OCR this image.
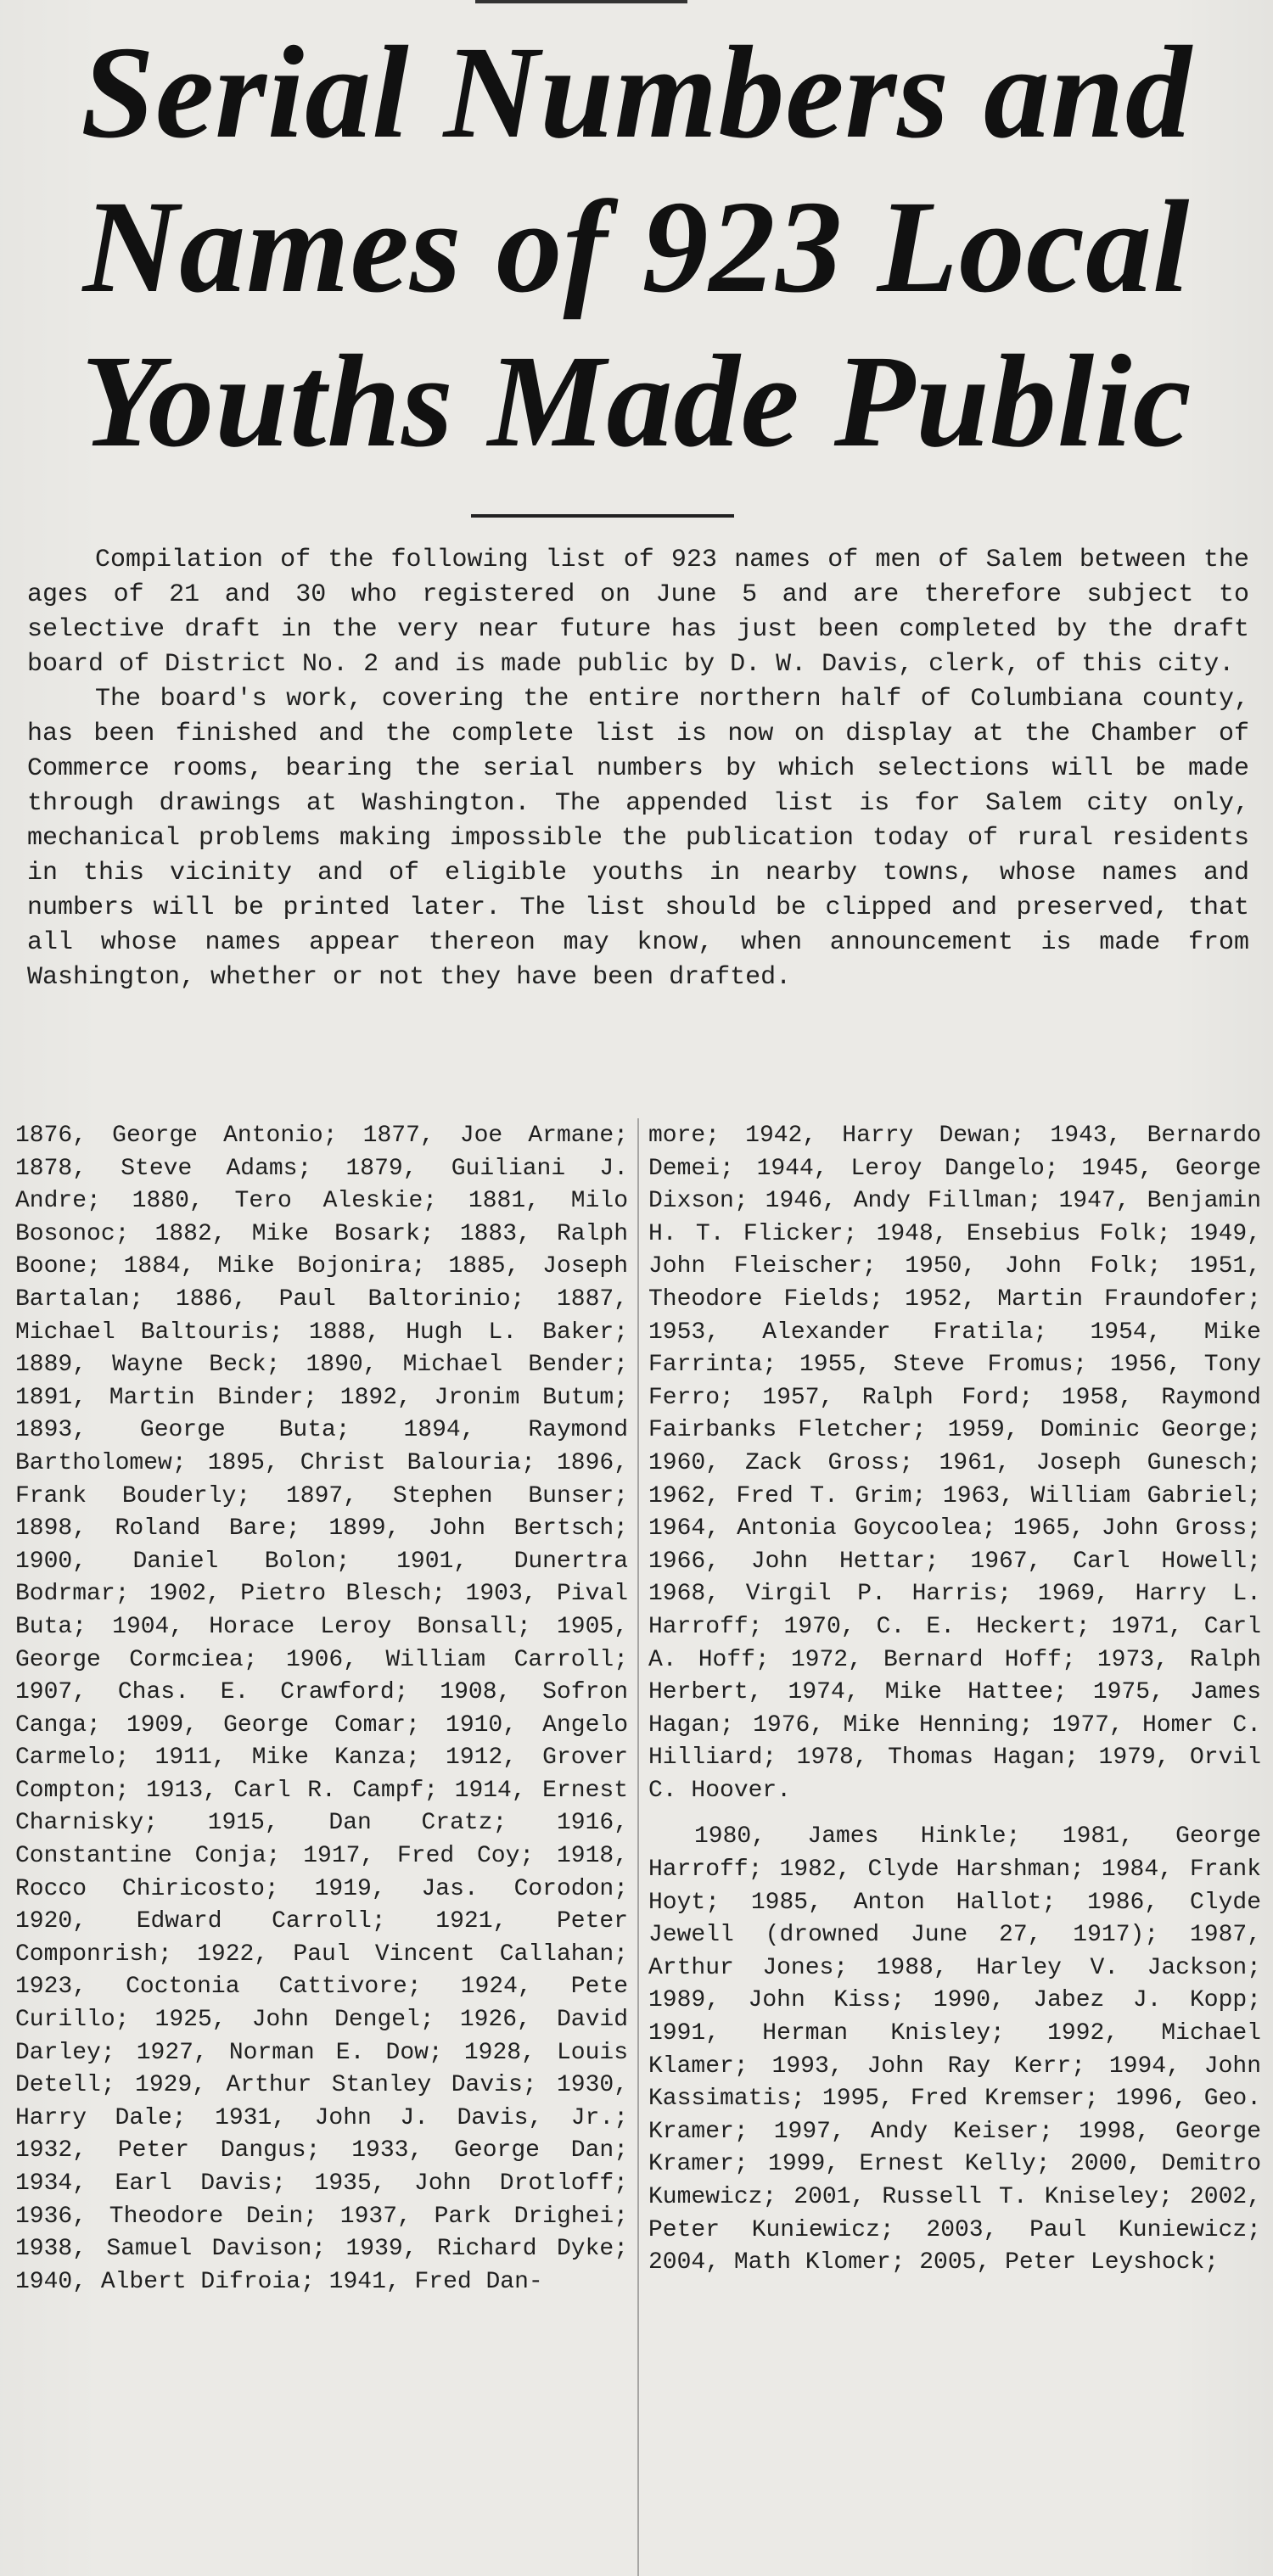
Serial Numbers and
Names of 923 Local
Youths Made Public

Compilation of the following list of 923 names of men of Salem between the ages of 21 and 30 who registered on June 5 and are therefore subject to selective draft in the very near future has just been completed by the draft board of District No. 2 and is made public by D. W. Davis, clerk, of this city.

The board's work, covering the entire northern half of Columbiana county, has been finished and the complete list is now on display at the Chamber of Commerce rooms, bearing the serial numbers by which selections will be made through drawings at Washington. The appended list is for Salem city only, mechanical problems making impossible the publication today of rural residents in this vicinity and of eligible youths in nearby towns, whose names and numbers will be printed later. The list should be clipped and preserved, that all whose names appear thereon may know, when announcement is made from Washington, whether or not they have been drafted.

1876, George Antonio; 1877, Joe Armane; 1878, Steve Adams; 1879, Guiliani J. Andre; 1880, Tero Aleskie; 1881, Milo Bosonoc; 1882, Mike Bosark; 1883, Ralph Boone; 1884, Mike Bojonira; 1885, Joseph Bartalan; 1886, Paul Baltorinio; 1887, Michael Baltouris; 1888, Hugh L. Baker; 1889, Wayne Beck; 1890, Michael Bender; 1891, Martin Binder; 1892, Jronim Butum; 1893, George Buta; 1894, Raymond Bartholomew; 1895, Christ Balouria; 1896, Frank Bouderly; 1897, Stephen Bunser; 1898, Roland Bare; 1899, John Bertsch; 1900, Daniel Bolon; 1901, Dunertra Bodrmar; 1902, Pietro Blesch; 1903, Pival Buta; 1904, Horace Leroy Bonsall; 1905, George Cormciea; 1906, William Carroll; 1907, Chas. E. Crawford; 1908, Sofron Canga; 1909, George Comar; 1910, Angelo Carmelo; 1911, Mike Kanza; 1912, Grover Compton; 1913, Carl R. Campf; 1914, Ernest Charnisky; 1915, Dan Cratz; 1916, Constantine Conja; 1917, Fred Coy; 1918, Rocco Chiricosto; 1919, Jas. Corodon; 1920, Edward Carroll; 1921, Peter Componrish; 1922, Paul Vincent Callahan; 1923, Coctonia Cattivore; 1924, Pete Curillo; 1925, John Dengel; 1926, David Darley; 1927, Norman E. Dow; 1928, Louis Detell; 1929, Arthur Stanley Davis; 1930, Harry Dale; 1931, John J. Davis, Jr.; 1932, Peter Dangus; 1933, George Dan; 1934, Earl Davis; 1935, John Drotloff; 1936, Theodore Dein; 1937, Park Drighei; 1938, Samuel Davison; 1939, Richard Dyke; 1940, Albert Difroia; 1941, Fred Dan-

more; 1942, Harry Dewan; 1943, Bernardo Demei; 1944, Leroy Dangelo; 1945, George Dixson; 1946, Andy Fillman; 1947, Benjamin H. T. Flicker; 1948, Ensebius Folk; 1949, John Fleischer; 1950, John Folk; 1951, Theodore Fields; 1952, Martin Fraundofer; 1953, Alexander Fratila; 1954, Mike Farrinta; 1955, Steve Fromus; 1956, Tony Ferro; 1957, Ralph Ford; 1958, Raymond Fairbanks Fletcher; 1959, Dominic George; 1960, Zack Gross; 1961, Joseph Gunesch; 1962, Fred T. Grim; 1963, William Gabriel; 1964, Antonia Goycoolea; 1965, John Gross; 1966, John Hettar; 1967, Carl Howell; 1968, Virgil P. Harris; 1969, Harry L. Harroff; 1970, C. E. Heckert; 1971, Carl A. Hoff; 1972, Bernard Hoff; 1973, Ralph Herbert, 1974, Mike Hattee; 1975, James Hagan; 1976, Mike Henning; 1977, Homer C. Hilliard; 1978, Thomas Hagan; 1979, Orvil C. Hoover.

1980, James Hinkle; 1981, George Harroff; 1982, Clyde Harshman; 1984, Frank Hoyt; 1985, Anton Hallot; 1986, Clyde Jewell (drowned June 27, 1917); 1987, Arthur Jones; 1988, Harley V. Jackson; 1989, John Kiss; 1990, Jabez J. Kopp; 1991, Herman Knisley; 1992, Michael Klamer; 1993, John Ray Kerr; 1994, John Kassimatis; 1995, Fred Kremser; 1996, Geo. Kramer; 1997, Andy Keiser; 1998, George Kramer; 1999, Ernest Kelly; 2000, Demitro Kumewicz; 2001, Russell T. Kniseley; 2002, Peter Kuniewicz; 2003, Paul Kuniewicz; 2004, Math Klomer; 2005, Peter Leyshock;
